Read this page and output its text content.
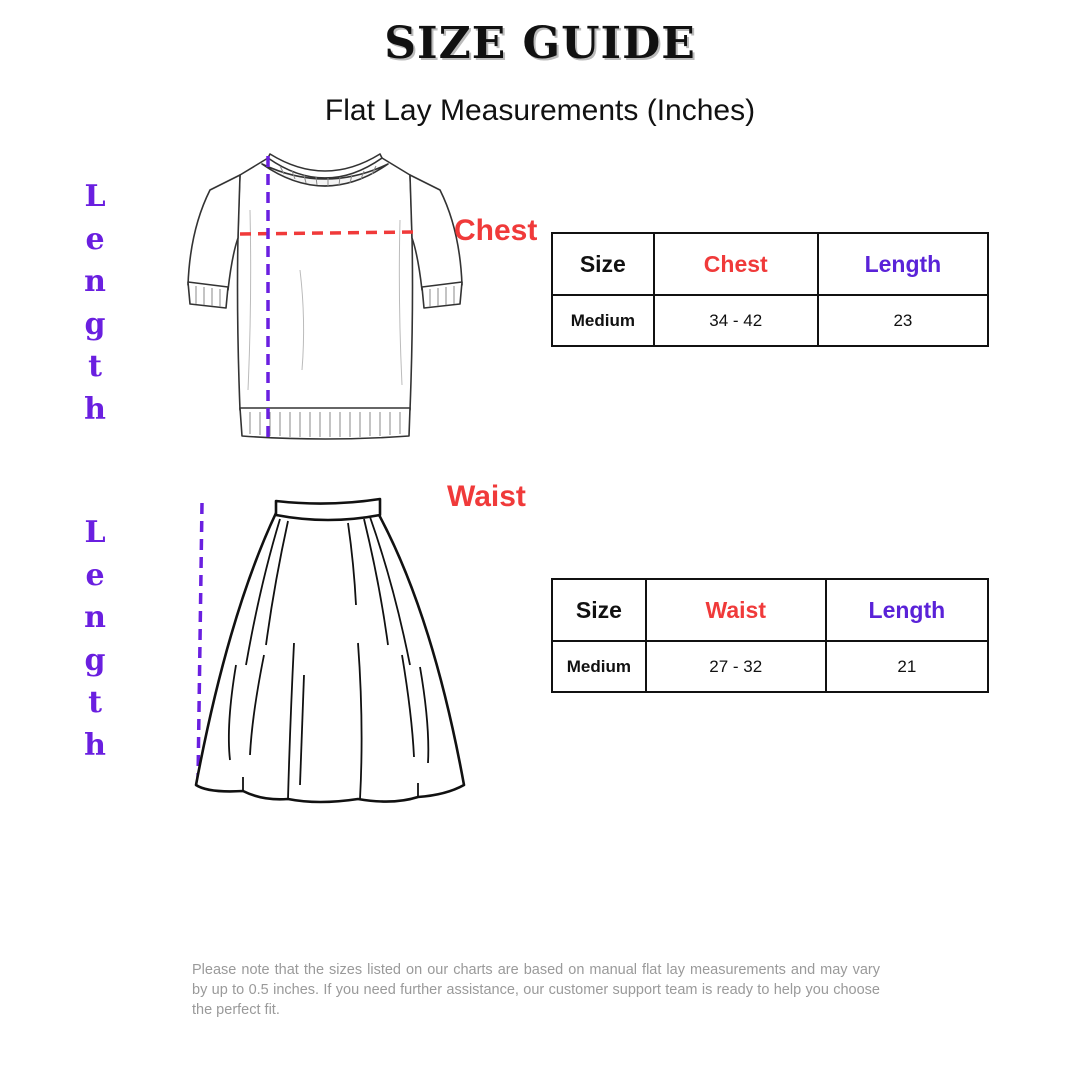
SIZE GUIDE
Flat Lay Measurements (Inches)
L
e
n
g
t
h
Chest
Size	Chest	Length
Medium	34 - 42	23
L
e
n
g
t
h
Waist
Size	Waist	Length
Medium	27 - 32	21
Please note that the sizes listed on our charts are based on manual flat lay measurements and may vary by up to 0.5 inches. If you need further assistance, our customer support team is ready to help you choose the perfect fit.
